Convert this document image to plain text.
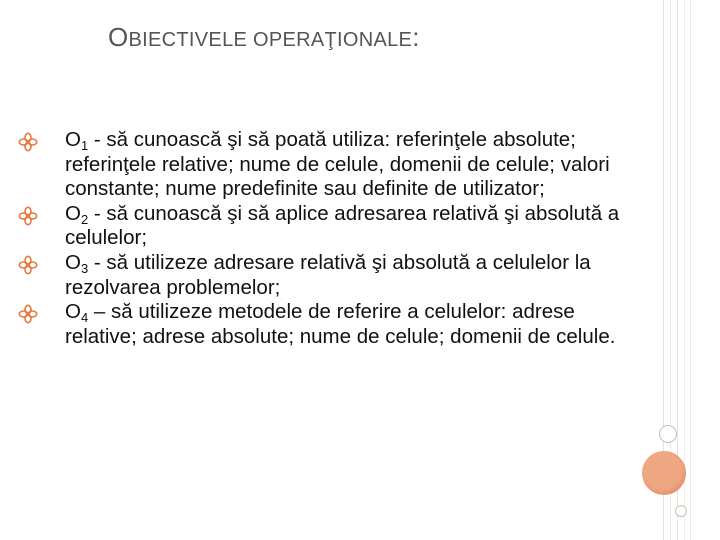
OBIECTIVELE OPERAŢIONALE:
$O_1$ - să cunoască şi să poată utiliza: referinţele absolute; referinţele relative; nume de celule, domenii de celule; valori constante; nume predefinite sau definite de utilizator;
$O_2$ - să cunoască şi să aplice adresarea relativă şi absolută a celulelor;
$O_3$ - să utilizeze adresare relativă şi absolută a celulelor la rezolvarea problemelor;
$O_4$ – să utilizeze metodele de referire a celulelor: adrese relative; adrese absolute; nume de celule; domenii de celule.
